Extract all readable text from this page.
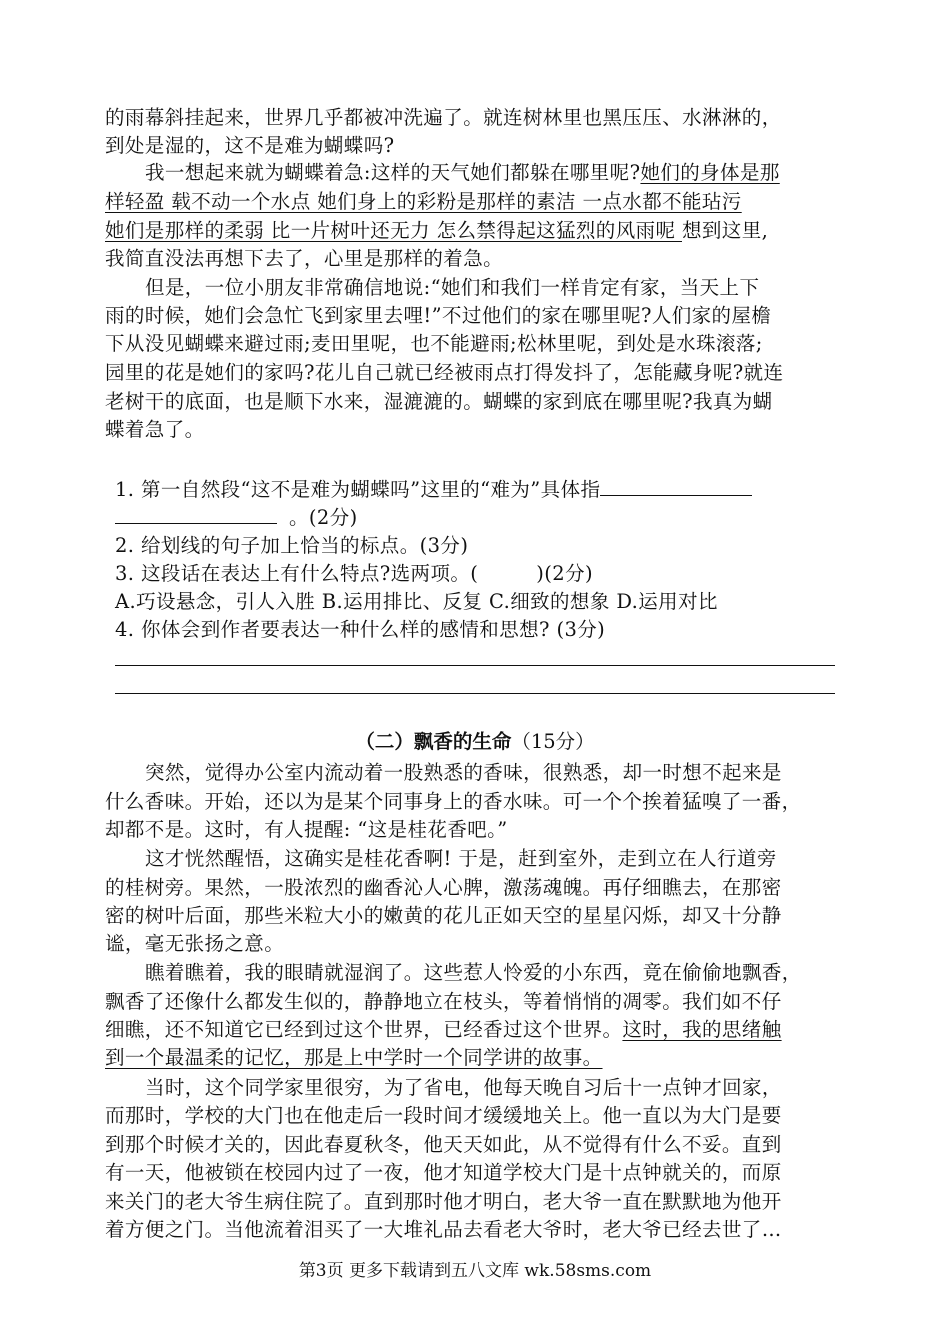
的雨幕斜挂起来，世界几乎都被冲洗遍了。就连树林里也黑压压、水淋淋的，
到处是湿的，这不是难为蝴蝶吗?
我一想起来就为蝴蝶着急:这样的天气她们都躲在哪里呢?她们的身体是那
样轻盈 载不动一个水点 她们身上的彩粉是那样的素洁 一点水都不能玷污
她们是那样的柔弱 比一片树叶还无力 怎么禁得起这猛烈的风雨呢 想到这里,
我简直没法再想下去了，心里是那样的着急。
但是，一位小朋友非常确信地说:“她们和我们一样肯定有家，当天上下
雨的时候，她们会急忙飞到家里去哩!”不过他们的家在哪里呢?人们家的屋檐
下从没见蝴蝶来避过雨;麦田里呢，也不能避雨;松林里呢，到处是水珠滚落;
园里的花是她们的家吗?花儿自己就已经被雨点打得发抖了，怎能藏身呢?就连
老树干的底面，也是顺下水来，湿漉漉的。蝴蝶的家到底在哪里呢?我真为蝴
蝶着急了。
1. 第一自然段“这不是难为蝴蝶吗”这里的“难为”具体指
。(2分)
2. 给划线的句子加上恰当的标点。(3分)
3. 这段话在表达上有什么特点?选两项。(	)(2分)
A.巧设悬念，引人入胜 B.运用排比、反复 C.细致的想象 D.运用对比
4. 你体会到作者要表达一种什么样的感情和思想? (3分)
（二）飘香的生命（15分）
突然，觉得办公室内流动着一股熟悉的香味，很熟悉，却一时想不起来是
什么香味。开始，还以为是某个同事身上的香水味。可一个个挨着猛嗅了一番，
却都不是。这时，有人提醒: “这是桂花香吧。”
这才恍然醒悟，这确实是桂花香啊! 于是，赶到室外，走到立在人行道旁
的桂树旁。果然，一股浓烈的幽香沁人心脾，激荡魂魄。再仔细瞧去，在那密
密的树叶后面，那些米粒大小的嫩黄的花儿正如天空的星星闪烁，却又十分静
谧，毫无张扬之意。
瞧着瞧着，我的眼睛就湿润了。这些惹人怜爱的小东西，竟在偷偷地飘香，
飘香了还像什么都发生似的，静静地立在枝头，等着悄悄的凋零。我们如不仔
细瞧，还不知道它已经到过这个世界，已经香过这个世界。这时，我的思绪触
到一个最温柔的记忆，那是上中学时一个同学讲的故事。
当时，这个同学家里很穷，为了省电，他每天晚自习后十一点钟才回家，
而那时，学校的大门也在他走后一段时间才缓缓地关上。他一直以为大门是要
到那个时候才关的，因此春夏秋冬，他天天如此，从不觉得有什么不妥。直到
有一天，他被锁在校园内过了一夜，他才知道学校大门是十点钟就关的，而原
来关门的老大爷生病住院了。直到那时他才明白，老大爷一直在默默地为他开
着方便之门。当他流着泪买了一大堆礼品去看老大爷时，老大爷已经去世了…
第3页 更多下载请到五八文库 wk.58sms.com
